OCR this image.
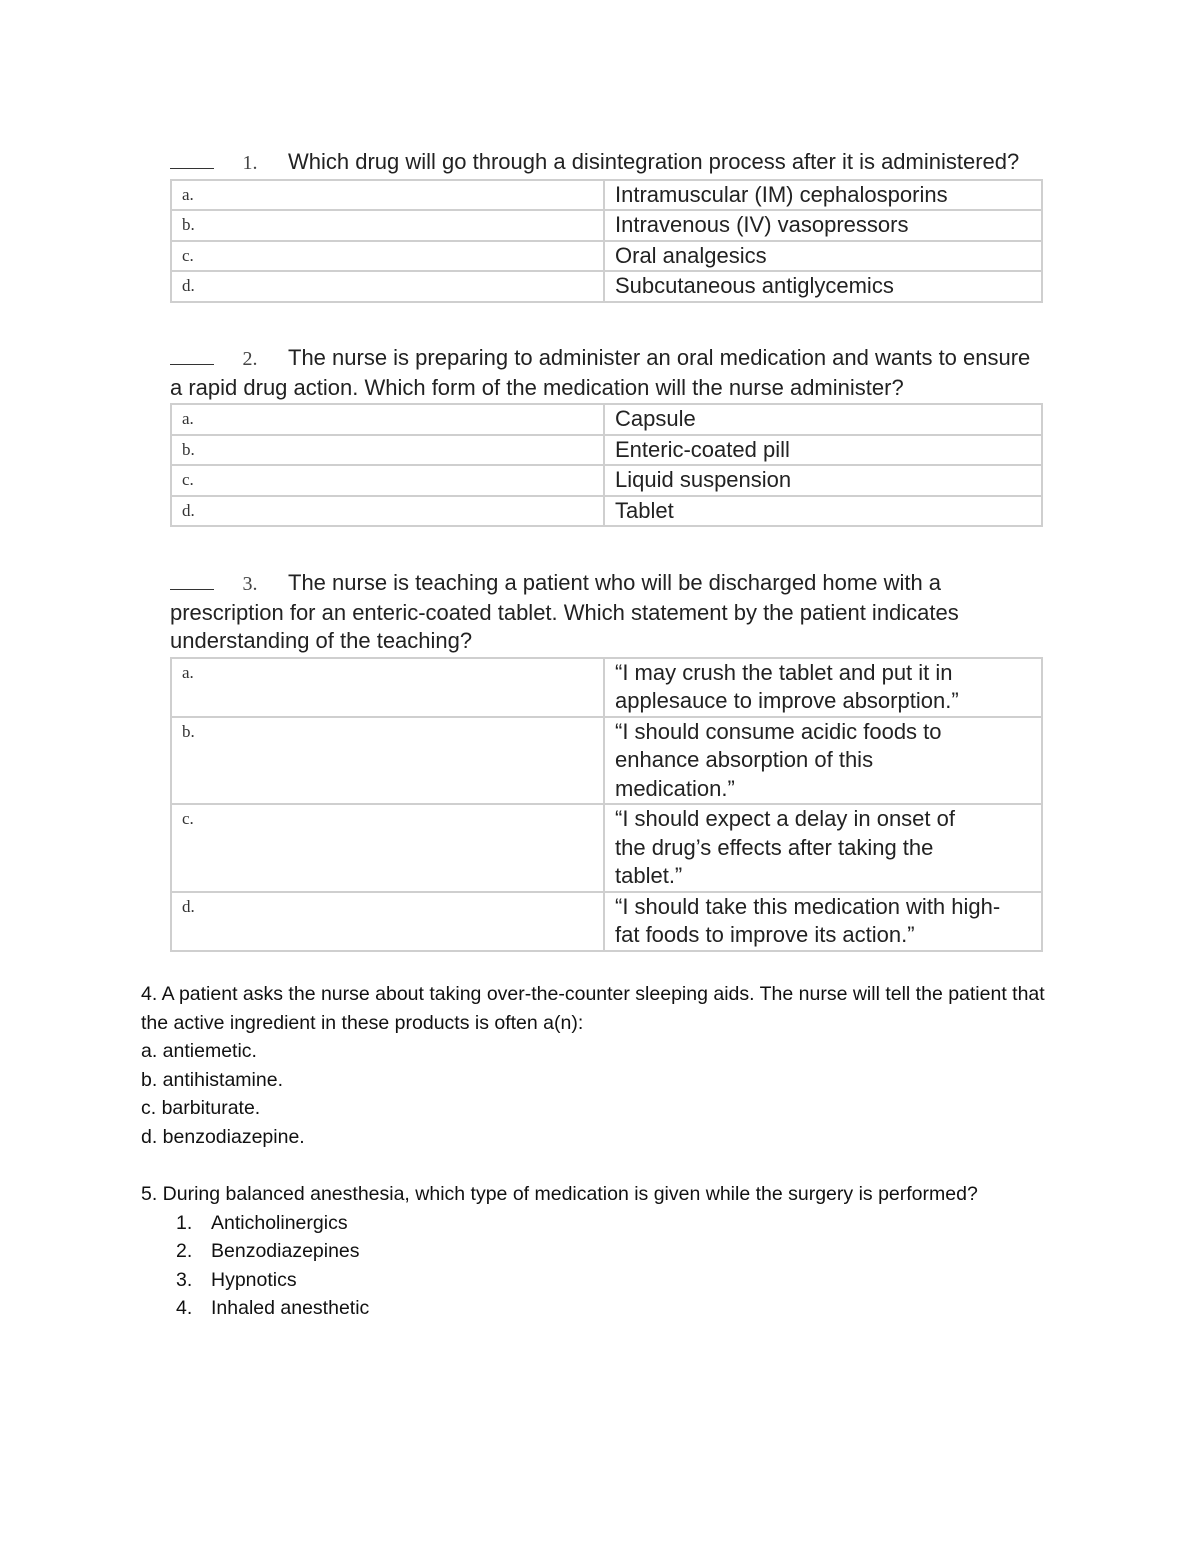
1. Which drug will go through a disintegration process after it is administered?
a.	Intramuscular (IM) cephalosporins
b.	Intravenous (IV) vasopressors
c.	Oral analgesics
d.	Subcutaneous antiglycemics
2. The nurse is preparing to administer an oral medication and wants to ensure a rapid drug action. Which form of the medication will the nurse administer?
a.	Capsule
b.	Enteric-coated pill
c.	Liquid suspension
d.	Tablet
3. The nurse is teaching a patient who will be discharged home with a prescription for an enteric-coated tablet. Which statement by the patient indicates understanding of the teaching?
a.	“I may crush the tablet and put it in applesauce to improve absorption.”
b.	“I should consume acidic foods to enhance absorption of this medication.”
c.	“I should expect a delay in onset of the drug’s effects after taking the tablet.”
d.	“I should take this medication with high-fat foods to improve its action.”

4. A patient asks the nurse about taking over-the-counter sleeping aids. The nurse will tell the patient that the active ingredient in these products is often a(n):

a. antiemetic.

b. antihistamine.

c. barbiturate.

d. benzodiazepine.

5. During balanced anesthesia, which type of medication is given while the surgery is performed?

1. Anticholinergics
2. Benzodiazepines
3. Hypnotics
4. Inhaled anesthetic
